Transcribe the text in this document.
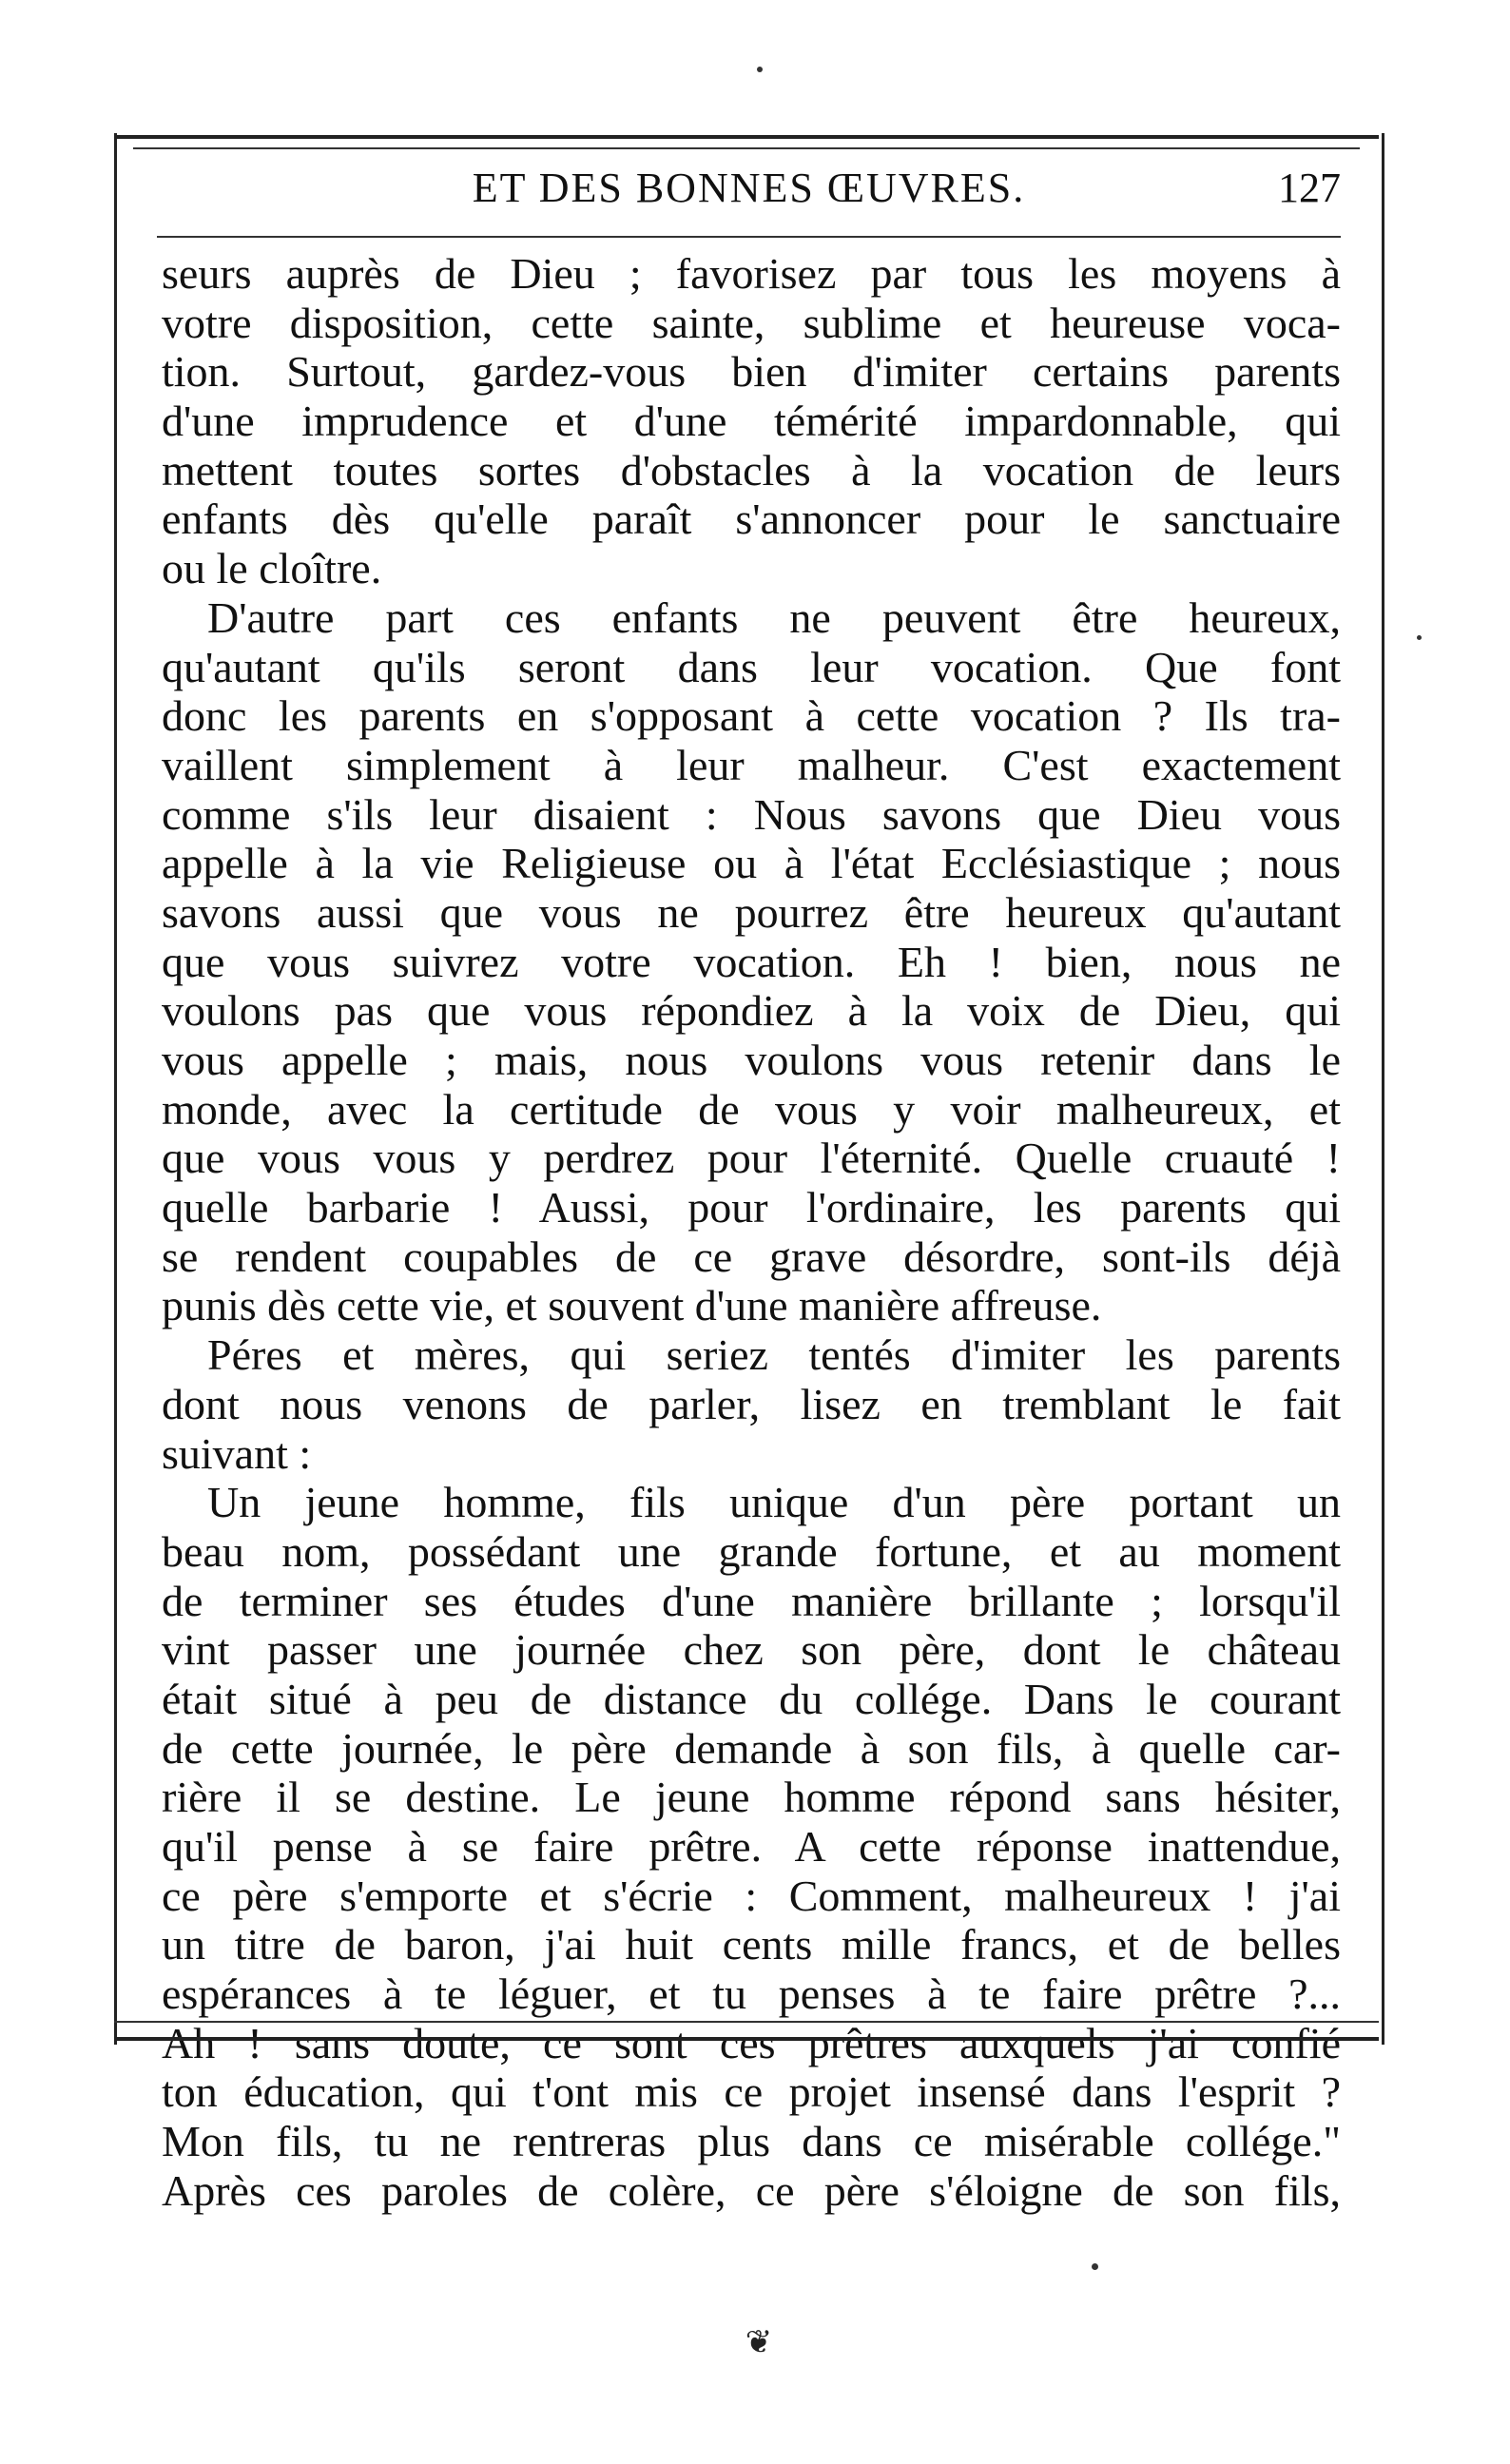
ET DES BONNES ŒUVRES.	127
seurs auprès de Dieu ; favorisez par tous les moyens à
votre disposition, cette sainte, sublime et heureuse voca-
tion. Surtout, gardez-vous bien d'imiter certains parents
d'une imprudence et d'une témérité impardonnable, qui
mettent toutes sortes d'obstacles à la vocation de leurs
enfants dès qu'elle paraît s'annoncer pour le sanctuaire
ou le cloître.
D'autre part ces enfants ne peuvent être heureux,
qu'autant qu'ils seront dans leur vocation. Que font
donc les parents en s'opposant à cette vocation ? Ils tra-
vaillent simplement à leur malheur. C'est exactement
comme s'ils leur disaient : Nous savons que Dieu vous
appelle à la vie Religieuse ou à l'état Ecclésiastique ; nous
savons aussi que vous ne pourrez être heureux qu'autant
que vous suivrez votre vocation. Eh ! bien, nous ne
voulons pas que vous répondiez à la voix de Dieu, qui
vous appelle ; mais, nous voulons vous retenir dans le
monde, avec la certitude de vous y voir malheureux, et
que vous vous y perdrez pour l'éternité. Quelle cruauté !
quelle barbarie ! Aussi, pour l'ordinaire, les parents qui
se rendent coupables de ce grave désordre, sont-ils déjà
punis dès cette vie, et souvent d'une manière affreuse.
Péres et mères, qui seriez tentés d'imiter les parents
dont nous venons de parler, lisez en tremblant le fait
suivant :
Un jeune homme, fils unique d'un père portant un
beau nom, possédant une grande fortune, et au moment
de terminer ses études d'une manière brillante ; lorsqu'il
vint passer une journée chez son père, dont le château
était situé à peu de distance du collége. Dans le courant
de cette journée, le père demande à son fils, à quelle car-
rière il se destine. Le jeune homme répond sans hésiter,
qu'il pense à se faire prêtre. A cette réponse inattendue,
ce père s'emporte et s'écrie : Comment, malheureux ! j'ai
un titre de baron, j'ai huit cents mille francs, et de belles
espérances à te léguer, et tu penses à te faire prêtre ?...
Ah ! sans doute, ce sont ces prêtres auxquels j'ai confié
ton éducation, qui t'ont mis ce projet insensé dans l'esprit ?
Mon fils, tu ne rentreras plus dans ce misérable collége."
Après ces paroles de colère, ce père s'éloigne de son fils,
❦
